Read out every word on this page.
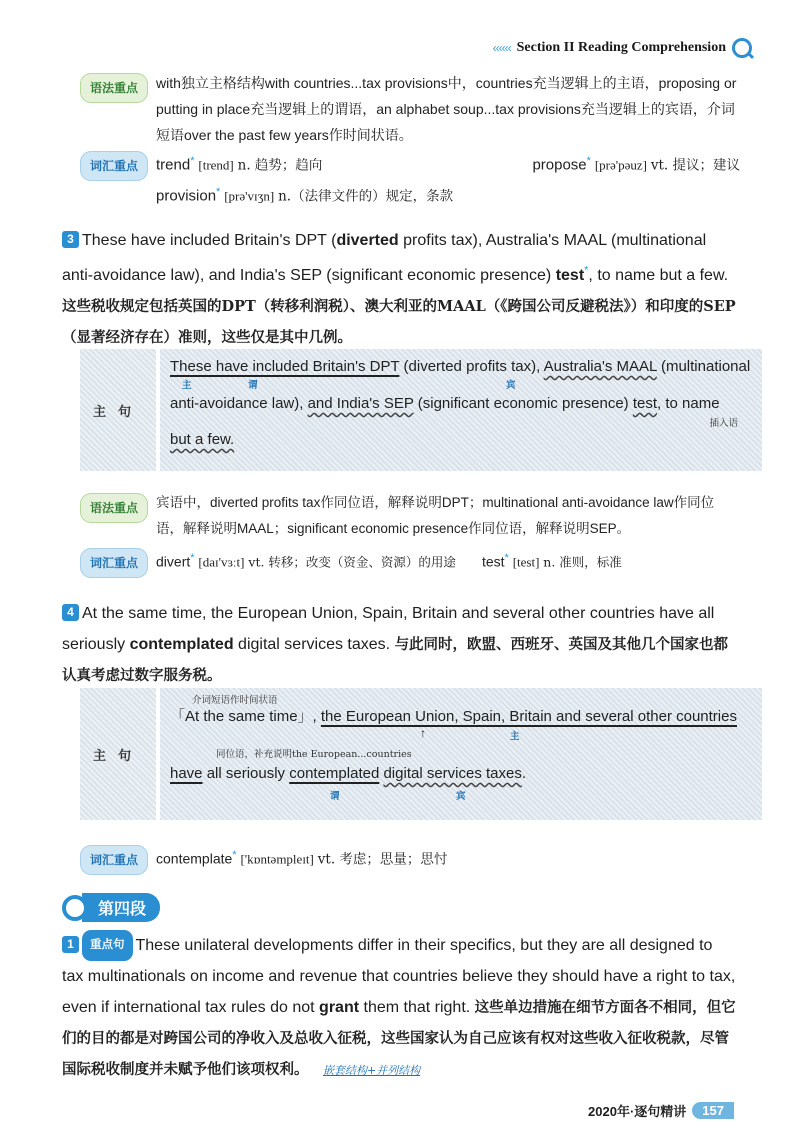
‹‹‹‹‹‹ Section II Reading Comprehension
语法重点	with独立主格结构with countries...tax provisions中，countries充当逻辑上的主语，proposing or putting in place充当逻辑上的谓语，an alphabet soup...tax provisions充当逻辑上的宾语，介词短语over the past few years作时间状语。
词汇重点	trend* [trend] n. 趋势；趋向	propose* [prə'pəuz] vt. 提议；建议
provision* [prə'vɪʒn] n.（法律文件的）规定，条款
3 These have included Britain's DPT (diverted profits tax), Australia's MAAL (multinational anti-avoidance law), and India's SEP (significant economic presence) test*, to name but a few. 这些税收规定包括英国的DPT（转移利润税）、澳大利亚的MAAL（《跨国公司反避税法》）和印度的SEP（显著经济存在）准则，这些仅是其中几例。
主句
These have included Britain's DPT (diverted profits tax), Australia's MAAL (multinational
主	谓	宾
anti-avoidance law), and India's SEP (significant economic presence) test, to name
插入语
but a few.
语法重点	宾语中，diverted profits tax作同位语，解释说明DPT；multinational anti-avoidance law作同位语，解释说明MAAL；significant economic presence作同位语，解释说明SEP。
词汇重点	divert* [daɪ'vɜːt] vt. 转移；改变（资金、资源）的用途 test* [test] n. 准则，标准
4 At the same time, the European Union, Spain, Britain and several other countries have all seriously contemplated digital services taxes. 与此同时，欧盟、西班牙、英国及其他几个国家也都认真考虑过数字服务税。
主句
介词短语作时间状语
「At the same time」, the European Union, Spain, Britain and several other countries
主
↑
同位语，补充说明the European...countries
have all seriously contemplated digital services taxes.
谓	宾
词汇重点	contemplate* ['kɒntəmpleɪt] vt. 考虑；思量；思忖
第四段
1 重点句 These unilateral developments differ in their specifics, but they are all designed to tax multinationals on income and revenue that countries believe they should have a right to tax, even if international tax rules do not grant them that right. 这些单边措施在细节方面各不相同，但它们的目的都是对跨国公司的净收入及总收入征税，这些国家认为自己应该有权对这些收入征收税款，尽管国际税收制度并未赋予他们该项权利。 嵌套结构+并列结构
2020年·逐句精讲	157
